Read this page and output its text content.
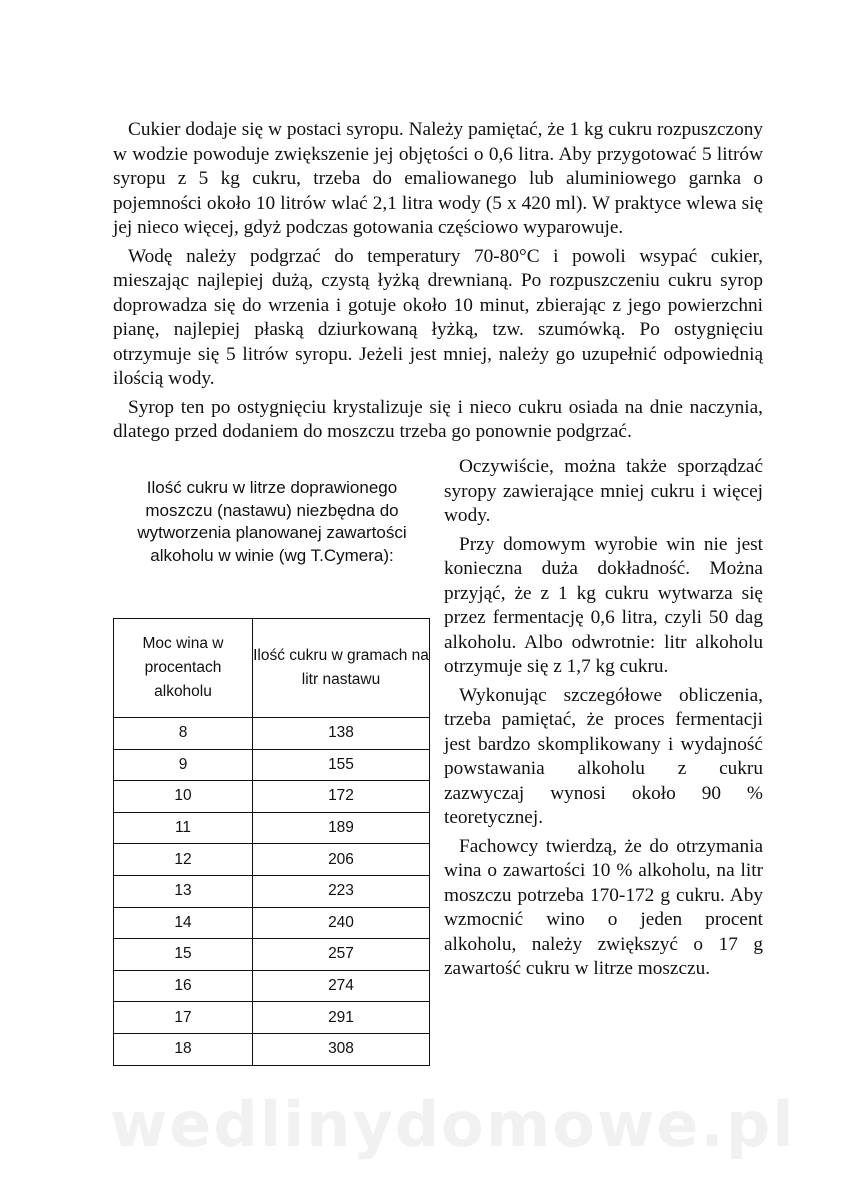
Cukier dodaje się w postaci syropu. Należy pamiętać, że 1 kg cukru rozpuszczony w wodzie powoduje zwiększenie jej objętości o 0,6 litra. Aby przygotować 5 litrów syropu z 5 kg cukru, trzeba do emaliowanego lub aluminiowego garnka o pojemności około 10 litrów wlać 2,1 litra wody (5 x 420 ml). W praktyce wlewa się jej nieco więcej, gdyż podczas gotowania częściowo wyparowuje.

Wodę należy podgrzać do temperatury 70-80°C i powoli wsypać cukier, mieszając najlepiej dużą, czystą łyżką drewnianą. Po rozpuszczeniu cukru syrop doprowadza się do wrzenia i gotuje około 10 minut, zbierając z jego powierzchni pianę, najlepiej płaską dziurkowaną łyżką, tzw. szumówką. Po ostygnięciu otrzymuje się 5 litrów syropu. Jeżeli jest mniej, należy go uzupełnić odpowiednią ilością wody.

Syrop ten po ostygnięciu krystalizuje się i nieco cukru osiada na dnie naczynia, dlatego przed dodaniem do moszczu trzeba go ponownie podgrzać.

Ilość cukru w litrze doprawionego moszczu (nastawu) niezbędna do wytworzenia planowanej zawartości alkoholu w winie (wg T.Cymera):
Moc wina w procentach alkoholu	Ilość cukru w gramach na litr nastawu
8	138
9	155
10	172
11	189
12	206
13	223
14	240
15	257
16	274
17	291
18	308

Oczywiście, można także sporządzać syropy zawierające mniej cukru i więcej wody.

Przy domowym wyrobie win nie jest konieczna duża dokładność. Można przyjąć, że z 1 kg cukru wytwarza się przez fermentację 0,6 litra, czyli 50 dag alkoholu. Albo odwrotnie: litr alkoholu otrzymuje się z 1,7 kg cukru.

Wykonując szczegółowe obliczenia, trzeba pamiętać, że proces fermentacji jest bardzo skomplikowany i wydajność powstawania alkoholu z cukru zazwyczaj wynosi około 90 % teoretycznej.

Fachowcy twierdzą, że do otrzymania wina o zawartości 10 % alkoholu, na litr moszczu potrzeba 170-172 g cukru. Aby wzmocnić wino o jeden procent alkoholu, należy zwiększyć o 17 g zawartość cukru w litrze moszczu.

wedlinydomowe.pl
